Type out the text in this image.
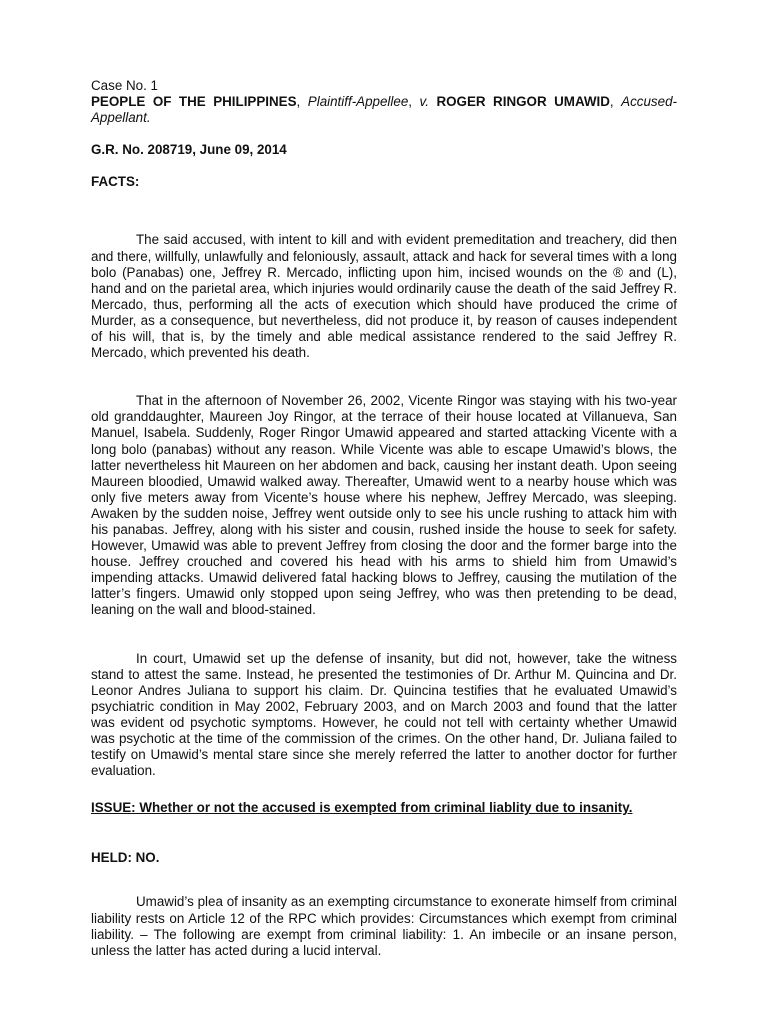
Case No. 1

PEOPLE OF THE PHILIPPINES, Plaintiff-Appellee, v. ROGER RINGOR UMAWID, Accused-Appellant.

G.R. No. 208719, June 09, 2014

FACTS:

The said accused, with intent to kill and with evident premeditation and treachery, did then and there, willfully, unlawfully and feloniously, assault, attack and hack for several times with a long bolo (Panabas) one, Jeffrey R. Mercado, inflicting upon him, incised wounds on the ® and (L), hand and on the parietal area, which injuries would ordinarily cause the death of the said Jeffrey R. Mercado, thus, performing all the acts of execution which should have produced the crime of Murder, as a consequence, but nevertheless, did not produce it, by reason of causes independent of his will, that is, by the timely and able medical assistance rendered to the said Jeffrey R. Mercado, which prevented his death.

That in the afternoon of November 26, 2002, Vicente Ringor was staying with his two-year old granddaughter, Maureen Joy Ringor, at the terrace of their house located at Villanueva, San Manuel, Isabela. Suddenly, Roger Ringor Umawid appeared and started attacking Vicente with a long bolo (panabas) without any reason. While Vicente was able to escape Umawid’s blows, the latter nevertheless hit Maureen on her abdomen and back, causing her instant death. Upon seeing Maureen bloodied, Umawid walked away. Thereafter, Umawid went to a nearby house which was only five meters away from Vicente’s house where his nephew, Jeffrey Mercado, was sleeping. Awaken by the sudden noise, Jeffrey went outside only to see his uncle rushing to attack him with his panabas. Jeffrey, along with his sister and cousin, rushed inside the house to seek for safety. However, Umawid was able to prevent Jeffrey from closing the door and the former barge into the house. Jeffrey crouched and covered his head with his arms to shield him from Umawid’s impending attacks. Umawid delivered fatal hacking blows to Jeffrey, causing the mutilation of the latter’s fingers. Umawid only stopped upon seing Jeffrey, who was then pretending to be dead, leaning on the wall and blood-stained.

In court, Umawid set up the defense of insanity, but did not, however, take the witness stand to attest the same. Instead, he presented the testimonies of Dr. Arthur M. Quincina and Dr. Leonor Andres Juliana to support his claim. Dr. Quincina testifies that he evaluated Umawid’s psychiatric condition in May 2002, February 2003, and on March 2003 and found that the latter was evident od psychotic symptoms. However, he could not tell with certainty whether Umawid was psychotic at the time of the commission of the crimes. On the other hand, Dr. Juliana failed to testify on Umawid’s mental stare since she merely referred the latter to another doctor for further evaluation.

ISSUE: Whether or not the accused is exempted from criminal liablity due to insanity.

HELD: NO.

Umawid’s plea of insanity as an exempting circumstance to exonerate himself from criminal liability rests on Article 12 of the RPC which provides: Circumstances which exempt from criminal liability. – The following are exempt from criminal liability: 1. An imbecile or an insane person, unless the latter has acted during a lucid interval.
